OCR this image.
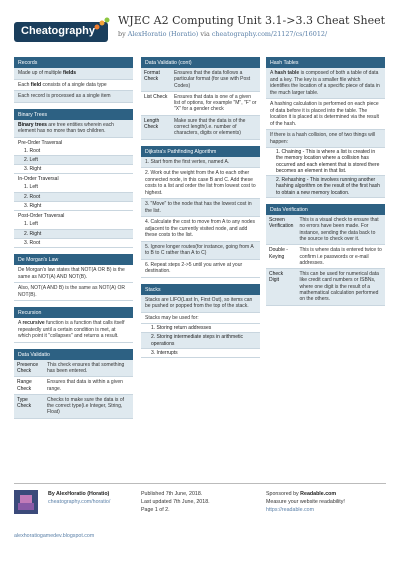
Cheatography
WJEC A2 Computing Unit 3.1->3.3 Cheat Sheet
by AlexHoratio (Horatio) via cheatography.com/21127/cs/16012/
Records
Made up of multiple fields
Each field consists of a single data type
Each record is processed as a single item
Binary Trees
Binary trees are tree entities wherein each element has no more than two children.
Pre-Order Traversal
1. Root
2. Left
3. Right
In-Order Traversal
1. Left
2. Root
3. Right
Post-Order Traversal
1. Left
2. Right
3. Root
De Morgan's Law
De Morgan's law states that NOT(A OR B) is the same as NOT(A) AND NOT(B).
Also, NOT(A AND B) is the same as NOT(A) OR NOT(B).
Recursion
A recursive function is a function that calls itself repeatedly until a certain condition is met, at which point it "collapses" and returns a result.
Data Validatio
Presence Check	This check ensures that something has been entered.
Range Check	Ensures that data is within a given range.
Type Check	Checks to make sure the data is of the correct type(i.e Integer, String, Float)
Data Validatio (cont)
Format Check	Ensures that the data follows a particular format (for use with Post Codes)
List Check	Ensures that data is one of a given list of options, for example "M", "F" or "X" for a gender check
Length Check	Make sure that the data is of the correct length(i.e. number of characters, digits or elements)
Dijkstra's Pathfinding Algorithm
1. Start from the first vertex, named A.
2. Work out the weight from the A to each other connected node, in this case B and C. Add these costs to a list and order the list from lowest cost to highest.
3. "Move" to the node that has the lowest cost in the list.
4. Calculate the cost to move from A to any nodes adjacent to the currently visited node, and add these costs to the list.
5. Ignore longer routes(for instance, going from A to B to C rather than A to C)
6. Repeat steps 2->5 until you arrive at your destination.
Stacks
Stacks are LIFO(Last In, First Out), so items can be pushed or popped from the top of the stack.
Stacks may be used for:
1. Storing return addresses
2. Storing intermediate steps in arithmetic operations
3. Interrupts
Hash Tables
A hash table is composed of both a table of data and a key. The key is a smaller file which identifies the location of a specific piece of data in the much larger table.
A hashing calculation is performed on each piece of data before it is placed into the table. The location it is placed at is determined via the result of the hash.
If there is a hash collision, one of two things will happen:
1. Chaining - This is where a list is created in the memory location where a collision has occurred and each element that is stored there becomes an element in that list.
2. Rehashing - This involves running another hashing algorithm on the result of the first hash to obtain a new memory location.
Data Verification
Screen Verification	This is a visual check to ensure that no errors have been made. For instance, sending the data back to the source to check over it.
Double - Keying	This is where data is entered twice to confirm i.e passwords or e-mail addresses.
Check Digit	This can be used for numerical data like credit card numbers or ISBNs, where one digit is the result of a mathematical calculation performed on the others.
By AlexHoratio (Horatio)
cheatography.com/horatio/
Published 7th June, 2018.
Last updated 7th June, 2018.
Page 1 of 2.
Sponsored by Readable.com
Measure your website readability!
https://readable.com
alexhoratiogamedev.blogspot.com
